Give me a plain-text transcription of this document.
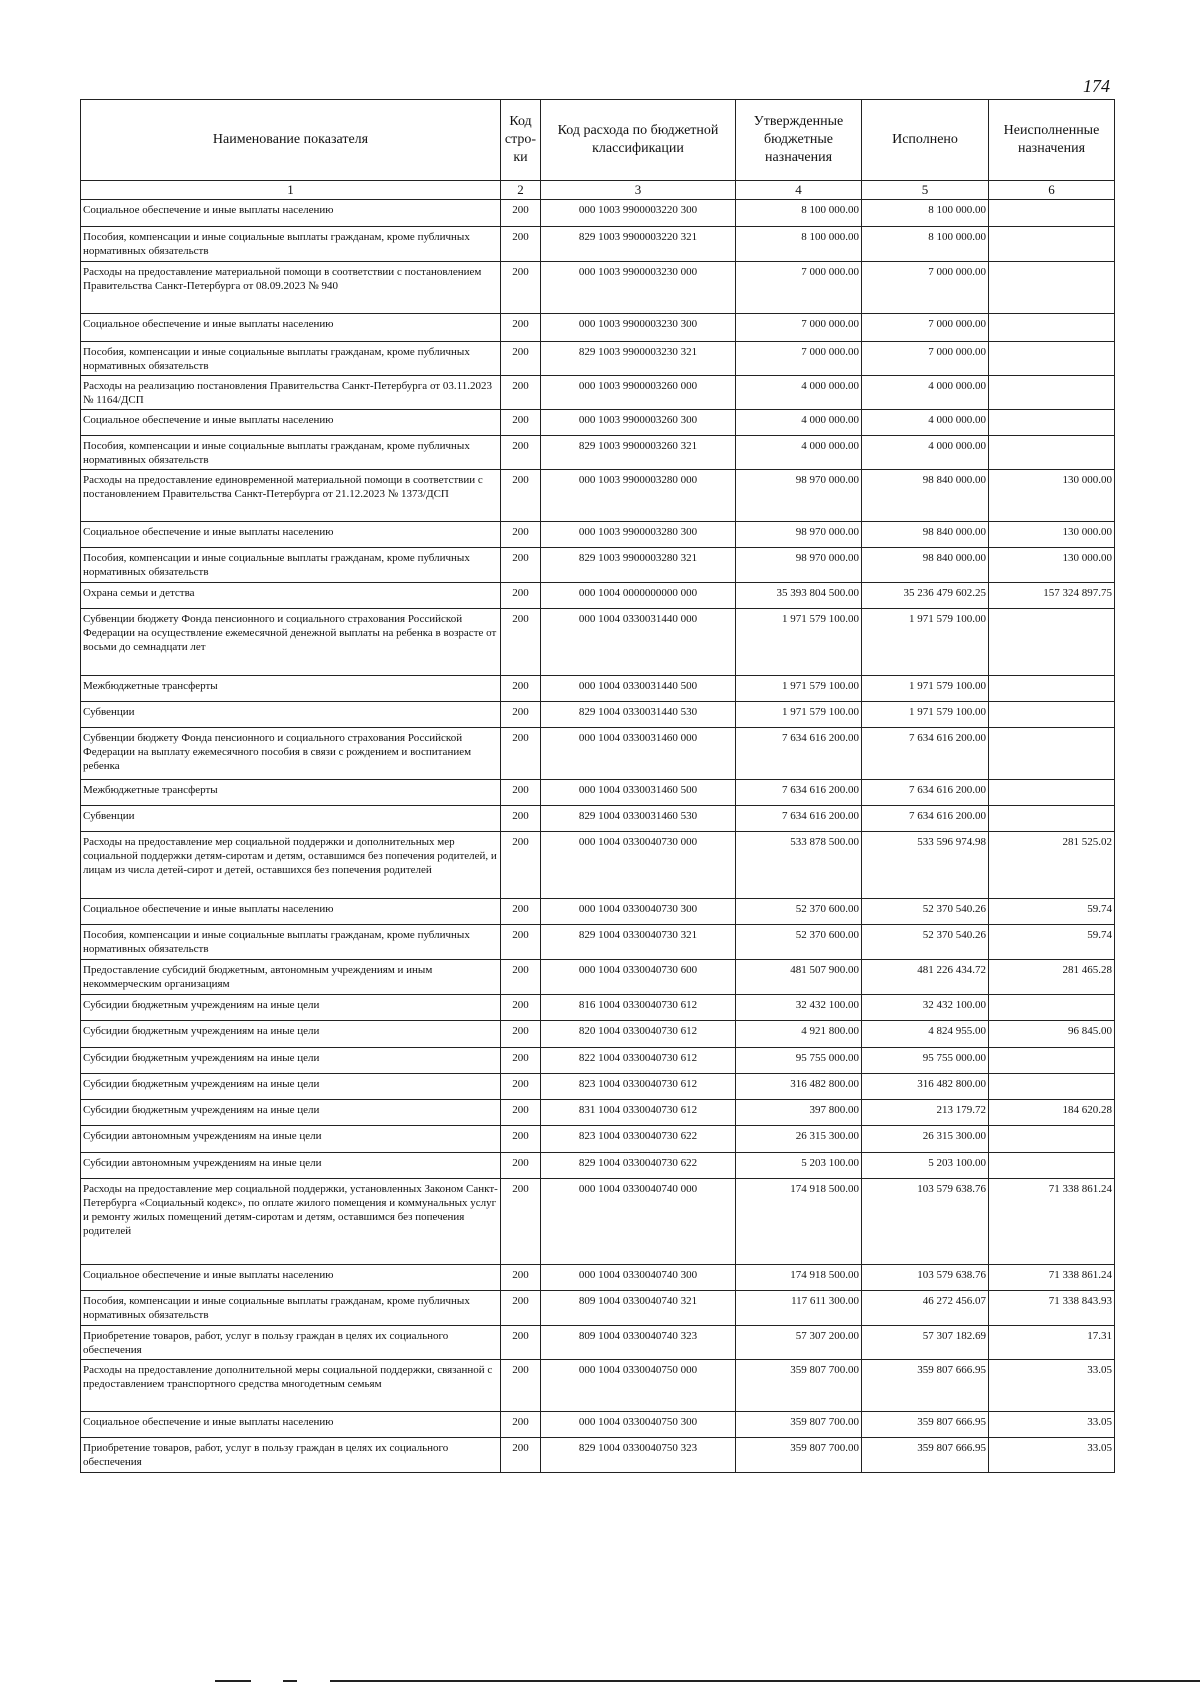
174
Наименование показателя	Код стро- ки	Код расхода по бюджетной классификации	Утвержденные бюджетные назначения	Исполнено	Неисполненные назначения
1	2	3	4	5	6
Социальное обеспечение и иные выплаты населению	200	000 1003 9900003220 300	8 100 000.00	8 100 000.00	
Пособия, компенсации и иные социальные выплаты гражданам, кроме публичных нормативных обязательств	200	829 1003 9900003220 321	8 100 000.00	8 100 000.00	
Расходы на предоставление материальной помощи в соответствии с постановлением Правительства Санкт-Петербурга от 08.09.2023 № 940	200	000 1003 9900003230 000	7 000 000.00	7 000 000.00	
Социальное обеспечение и иные выплаты населению	200	000 1003 9900003230 300	7 000 000.00	7 000 000.00	
Пособия, компенсации и иные социальные выплаты гражданам, кроме публичных нормативных обязательств	200	829 1003 9900003230 321	7 000 000.00	7 000 000.00	
Расходы на реализацию постановления Правительства Санкт-Петербурга от 03.11.2023 № 1164/ДСП	200	000 1003 9900003260 000	4 000 000.00	4 000 000.00	
Социальное обеспечение и иные выплаты населению	200	000 1003 9900003260 300	4 000 000.00	4 000 000.00	
Пособия, компенсации и иные социальные выплаты гражданам, кроме публичных нормативных обязательств	200	829 1003 9900003260 321	4 000 000.00	4 000 000.00	
Расходы на предоставление единовременной материальной помощи в соответствии с постановлением Правительства Санкт-Петербурга от 21.12.2023 № 1373/ДСП	200	000 1003 9900003280 000	98 970 000.00	98 840 000.00	130 000.00
Социальное обеспечение и иные выплаты населению	200	000 1003 9900003280 300	98 970 000.00	98 840 000.00	130 000.00
Пособия, компенсации и иные социальные выплаты гражданам, кроме публичных нормативных обязательств	200	829 1003 9900003280 321	98 970 000.00	98 840 000.00	130 000.00
Охрана семьи и детства	200	000 1004 0000000000 000	35 393 804 500.00	35 236 479 602.25	157 324 897.75
Субвенции бюджету Фонда пенсионного и социального страхования Российской Федерации на осуществление ежемесячной денежной выплаты на ребенка в возрасте от восьми до семнадцати лет	200	000 1004 0330031440 000	1 971 579 100.00	1 971 579 100.00	
Межбюджетные трансферты	200	000 1004 0330031440 500	1 971 579 100.00	1 971 579 100.00	
Субвенции	200	829 1004 0330031440 530	1 971 579 100.00	1 971 579 100.00	
Субвенции бюджету Фонда пенсионного и социального страхования Российской Федерации на выплату ежемесячного пособия в связи с рождением и воспитанием ребенка	200	000 1004 0330031460 000	7 634 616 200.00	7 634 616 200.00	
Межбюджетные трансферты	200	000 1004 0330031460 500	7 634 616 200.00	7 634 616 200.00	
Субвенции	200	829 1004 0330031460 530	7 634 616 200.00	7 634 616 200.00	
Расходы на предоставление мер социальной поддержки и дополнительных мер социальной поддержки детям-сиротам и детям, оставшимся без попечения родителей, и лицам из числа детей-сирот и детей, оставшихся без попечения родителей	200	000 1004 0330040730 000	533 878 500.00	533 596 974.98	281 525.02
Социальное обеспечение и иные выплаты населению	200	000 1004 0330040730 300	52 370 600.00	52 370 540.26	59.74
Пособия, компенсации и иные социальные выплаты гражданам, кроме публичных нормативных обязательств	200	829 1004 0330040730 321	52 370 600.00	52 370 540.26	59.74
Предоставление субсидий бюджетным, автономным учреждениям и иным некоммерческим организациям	200	000 1004 0330040730 600	481 507 900.00	481 226 434.72	281 465.28
Субсидии бюджетным учреждениям на иные цели	200	816 1004 0330040730 612	32 432 100.00	32 432 100.00	
Субсидии бюджетным учреждениям на иные цели	200	820 1004 0330040730 612	4 921 800.00	4 824 955.00	96 845.00
Субсидии бюджетным учреждениям на иные цели	200	822 1004 0330040730 612	95 755 000.00	95 755 000.00	
Субсидии бюджетным учреждениям на иные цели	200	823 1004 0330040730 612	316 482 800.00	316 482 800.00	
Субсидии бюджетным учреждениям на иные цели	200	831 1004 0330040730 612	397 800.00	213 179.72	184 620.28
Субсидии автономным учреждениям на иные цели	200	823 1004 0330040730 622	26 315 300.00	26 315 300.00	
Субсидии автономным учреждениям на иные цели	200	829 1004 0330040730 622	5 203 100.00	5 203 100.00	
Расходы на предоставление мер социальной поддержки, установленных Законом Санкт-Петербурга «Социальный кодекс», по оплате жилого помещения и коммунальных услуг и ремонту жилых помещений детям-сиротам и детям, оставшимся без попечения родителей	200	000 1004 0330040740 000	174 918 500.00	103 579 638.76	71 338 861.24
Социальное обеспечение и иные выплаты населению	200	000 1004 0330040740 300	174 918 500.00	103 579 638.76	71 338 861.24
Пособия, компенсации и иные социальные выплаты гражданам, кроме публичных нормативных обязательств	200	809 1004 0330040740 321	117 611 300.00	46 272 456.07	71 338 843.93
Приобретение товаров, работ, услуг в пользу граждан в целях их социального обеспечения	200	809 1004 0330040740 323	57 307 200.00	57 307 182.69	17.31
Расходы на предоставление дополнительной меры социальной поддержки, связанной с предоставлением транспортного средства многодетным семьям	200	000 1004 0330040750 000	359 807 700.00	359 807 666.95	33.05
Социальное обеспечение и иные выплаты населению	200	000 1004 0330040750 300	359 807 700.00	359 807 666.95	33.05
Приобретение товаров, работ, услуг в пользу граждан в целях их социального обеспечения	200	829 1004 0330040750 323	359 807 700.00	359 807 666.95	33.05
